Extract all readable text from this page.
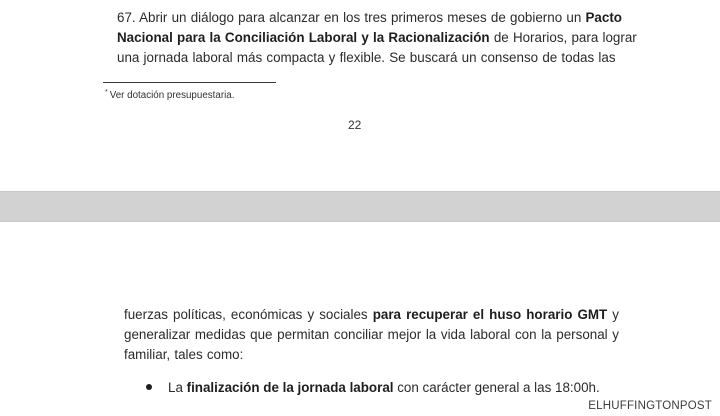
67. Abrir un diálogo para alcanzar en los tres primeros meses de gobierno un Pacto
Nacional para la Conciliación Laboral y la Racionalización de Horarios, para lograr
una jornada laboral más compacta y flexible. Se buscará un consenso de todas las
* Ver dotación presupuestaria.
22
fuerzas políticas, económicas y sociales para recuperar el huso horario GMT y
generalizar medidas que permitan conciliar mejor la vida laboral con la personal y
familiar, tales como:
La finalización de la jornada laboral con carácter general a las 18:00h.
ELHUFFINGTONPOST
